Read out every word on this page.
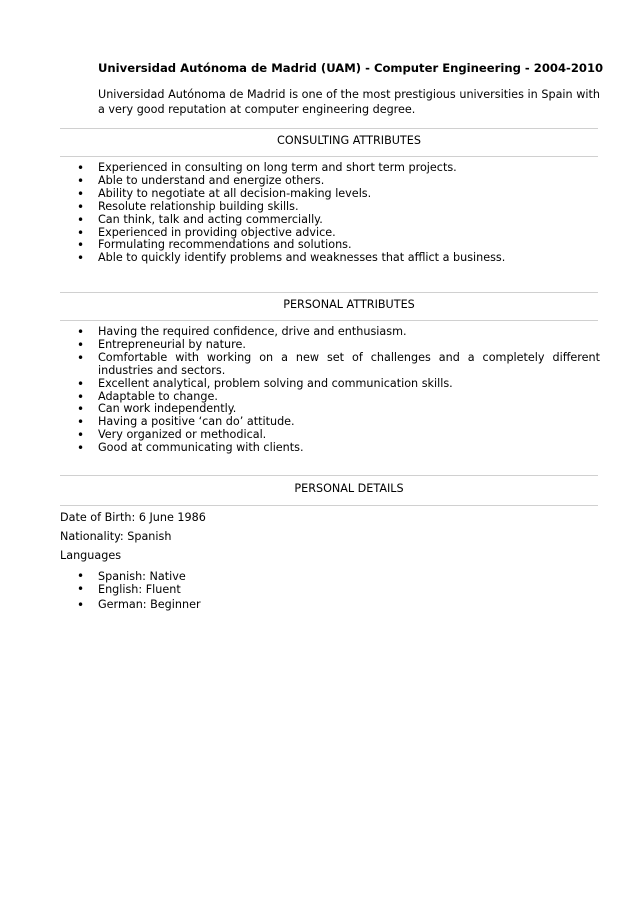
Universidad Autónoma de Madrid (UAM) - Computer Engineering - 2004-2010
Universidad Autónoma de Madrid is one of the most prestigious universities in Spain with a very good reputation at computer engineering degree.
CONSULTING ATTRIBUTES
• Experienced in consulting on long term and short term projects.
• Able to understand and energize others.
• Ability to negotiate at all decision-making levels.
• Resolute relationship building skills.
• Can think, talk and acting commercially.
• Experienced in providing objective advice.
• Formulating recommendations and solutions.
• Able to quickly identify problems and weaknesses that afflict a business.
PERSONAL ATTRIBUTES
• Having the required confidence, drive and enthusiasm.
• Entrepreneurial by nature.
• Comfortable with working on a new set of challenges and a completely different industries and sectors.
• Excellent analytical, problem solving and communication skills.
• Adaptable to change.
• Can work independently.
• Having a positive ‘can do’ attitude.
• Very organized or methodical.
• Good at communicating with clients.
PERSONAL DETAILS
Date of Birth: 6 June 1986
Nationality: Spanish
Languages
• Spanish: Native
• English: Fluent
• German: Beginner
